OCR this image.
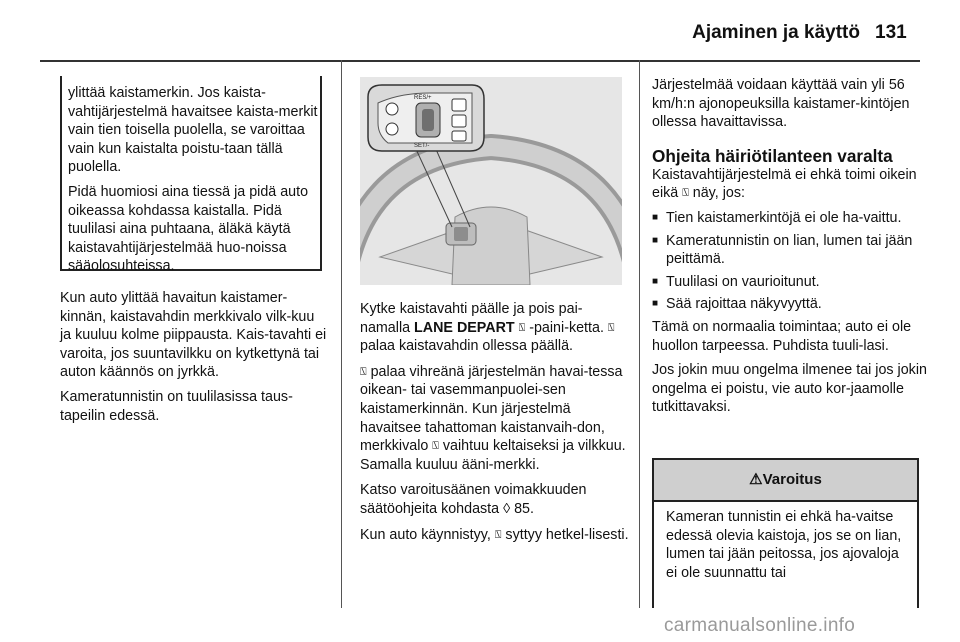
Ajaminen ja käyttö 131

ylittää kaistamerkin. Jos kaista-vahtijärjestelmä havaitsee kaista-merkit vain tien toisella puolella, se varoittaa vain kun kaistalta poistu-taan tällä puolella.

Pidä huomiosi aina tiessä ja pidä auto oikeassa kohdassa kaistalla. Pidä tuulilasi aina puhtaana, äläkä käytä kaistavahtijärjestelmää huo-noissa sääolosuhteissa.

Kun auto ylittää havaitun kaistamer-kinnän, kaistavahdin merkkivalo vilk-kuu ja kuuluu kolme piippausta. Kais-tavahti ei varoita, jos suuntavilkku on kytkettynä tai auton käännös on jyrkkä.

Kameratunnistin on tuulilasissa taus-tapeilin edessä.

RES/+
SET/-

Kytke kaistavahti päälle ja pois pai-namalla LANE DEPART ⍂ -paini-ketta. ⍂ palaa kaistavahdin ollessa päällä.

⍂ palaa vihreänä järjestelmän havai-tessa oikean- tai vasemmanpuolei-sen kaistamerkinnän. Kun järjestelmä havaitsee tahattoman kaistanvaih-don, merkkivalo ⍂ vaihtuu keltaiseksi ja vilkkuu. Samalla kuuluu ääni-merkki.

Katso varoitusäänen voimakkuuden säätöohjeita kohdasta ◊ 85.

Kun auto käynnistyy, ⍂ syttyy hetkel-lisesti.

Järjestelmää voidaan käyttää vain yli 56 km/h:n ajonopeuksilla kaistamer-kintöjen ollessa havaittavissa.

Ohjeita häiriötilanteen varalta

Kaistavahtijärjestelmä ei ehkä toimi oikein eikä ⍂ näy, jos:

■ Tien kaistamerkintöjä ei ole ha-vaittu.
■ Kameratunnistin on lian, lumen tai jään peittämä.
■ Tuulilasi on vaurioitunut.
■ Sää rajoittaa näkyvyyttä.

Tämä on normaalia toimintaa; auto ei ole huollon tarpeessa. Puhdista tuuli-lasi.

Jos jokin muu ongelma ilmenee tai jos jokin ongelma ei poistu, vie auto kor-jaamolle tutkittavaksi.

⚠Varoitus
Kameran tunnistin ei ehkä ha-vaitse edessä olevia kaistoja, jos se on lian, lumen tai jään peitossa, jos ajovaloja ei ole suunnattu tai
carmanualsonline.info
